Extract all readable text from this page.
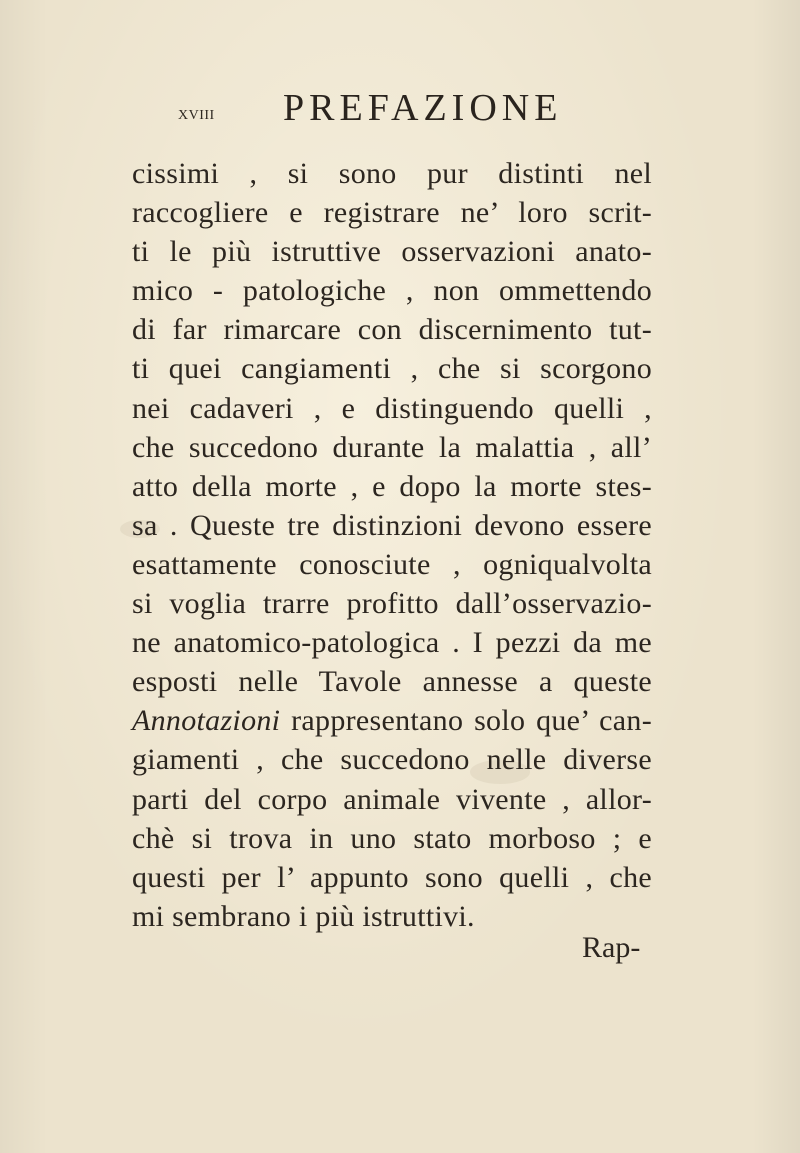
xviii PREFAZIONE
cissimi , si sono pur distinti nel
raccogliere e registrare ne’ loro scrit-
ti le più istruttive osservazioni anato-
mico - patologiche , non ommettendo
di far rimarcare con discernimento tut-
ti quei cangiamenti , che si scorgono
nei cadaveri , e distinguendo quelli ,
che succedono durante la malattia , all’
atto della morte , e dopo la morte stes-
sa . Queste tre distinzioni devono essere
esattamente conosciute , ogniqualvolta
si voglia trarre profitto dall’osservazio-
ne anatomico-patologica . I pezzi da me
esposti nelle Tavole annesse a queste
Annotazioni rappresentano solo que’ can-
giamenti , che succedono nelle diverse
parti del corpo animale vivente , allor-
chè si trova in uno stato morboso ; e
questi per l’ appunto sono quelli , che
mi sembrano i più istruttivi.
Rap-
